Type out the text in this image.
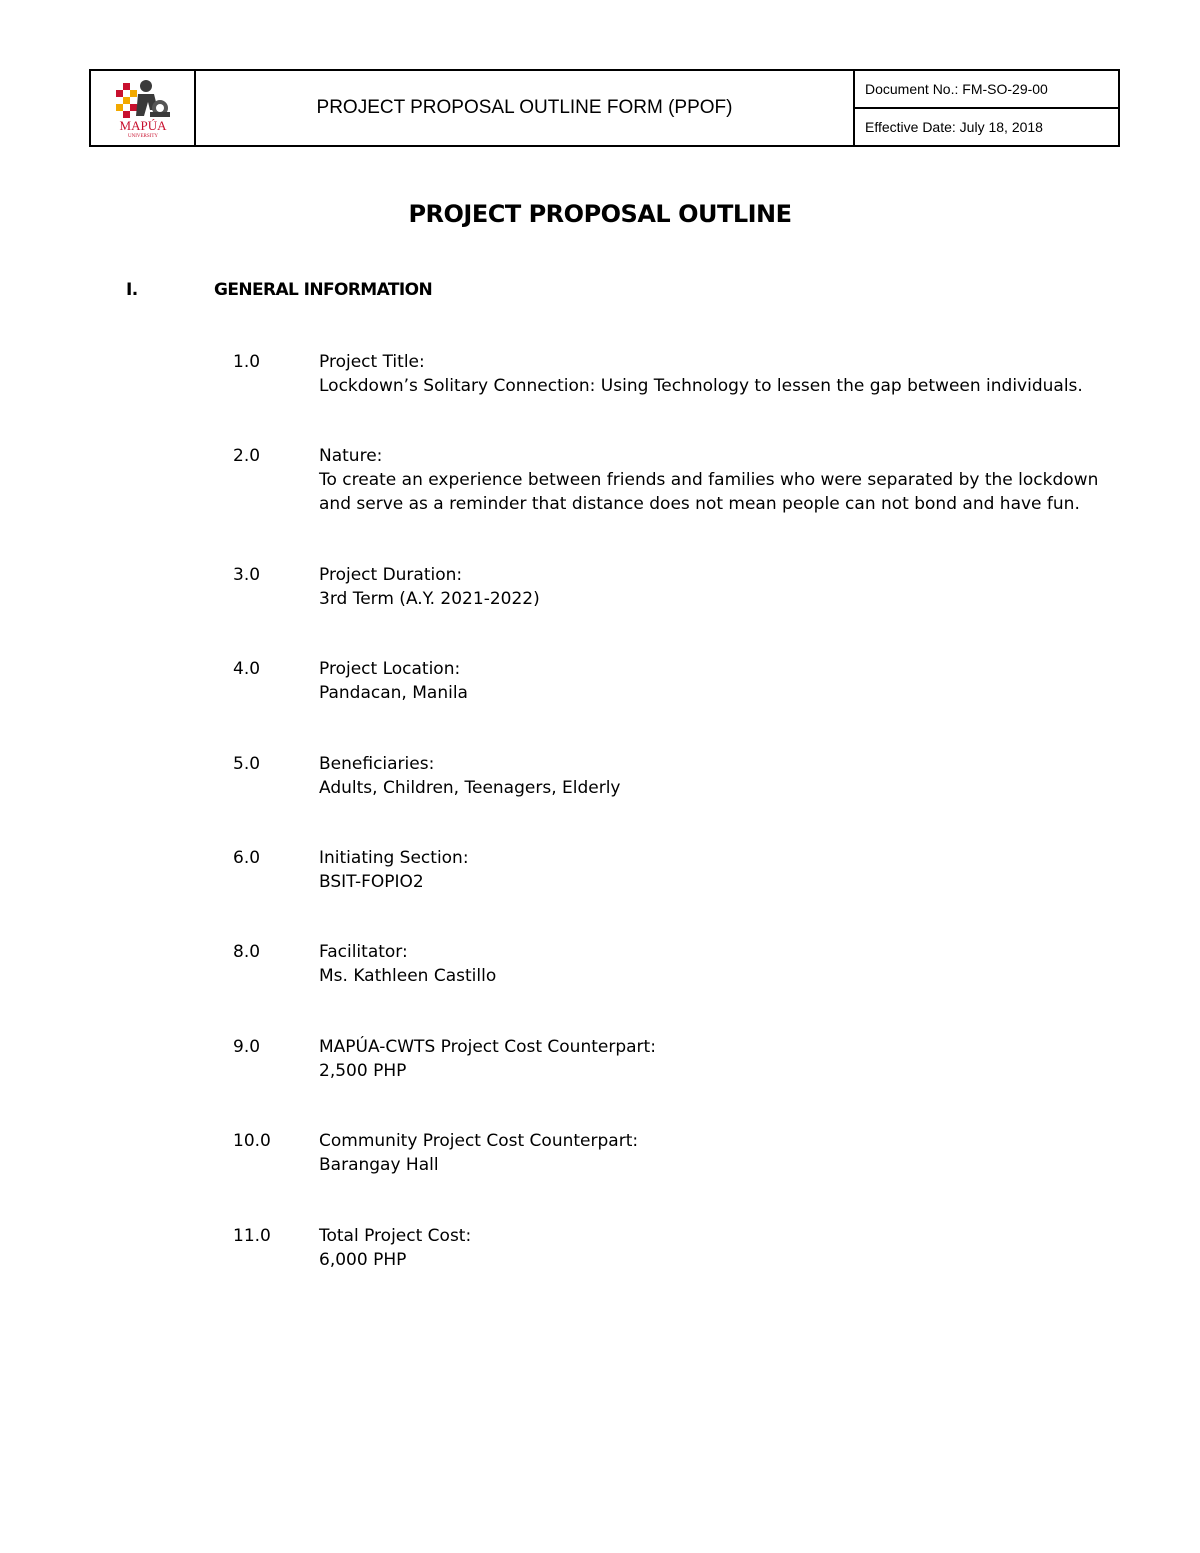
MAPÚA
UNIVERSITY
PROJECT PROPOSAL OUTLINE FORM (PPOF)
Document No.: FM-SO-29-00
Effective Date: July 18, 2018
PROJECT PROPOSAL OUTLINE
I.	GENERAL INFORMATION
1.0	Project Title:
Lockdown’s Solitary Connection: Using Technology to lessen the gap between individuals.
2.0	Nature:
To create an experience between friends and families who were separated by the lockdown and serve as a reminder that distance does not mean people can not bond and have fun.
3.0	Project Duration:
3rd Term (A.Y. 2021-2022)
4.0	Project Location:
Pandacan, Manila
5.0	Beneficiaries:
Adults, Children, Teenagers, Elderly
6.0	Initiating Section:
BSIT-FOPIO2
8.0	Facilitator:
Ms. Kathleen Castillo
9.0	MAPÚA-CWTS Project Cost Counterpart:
2,500 PHP
10.0	Community Project Cost Counterpart:
Barangay Hall
11.0	Total Project Cost:
6,000 PHP
